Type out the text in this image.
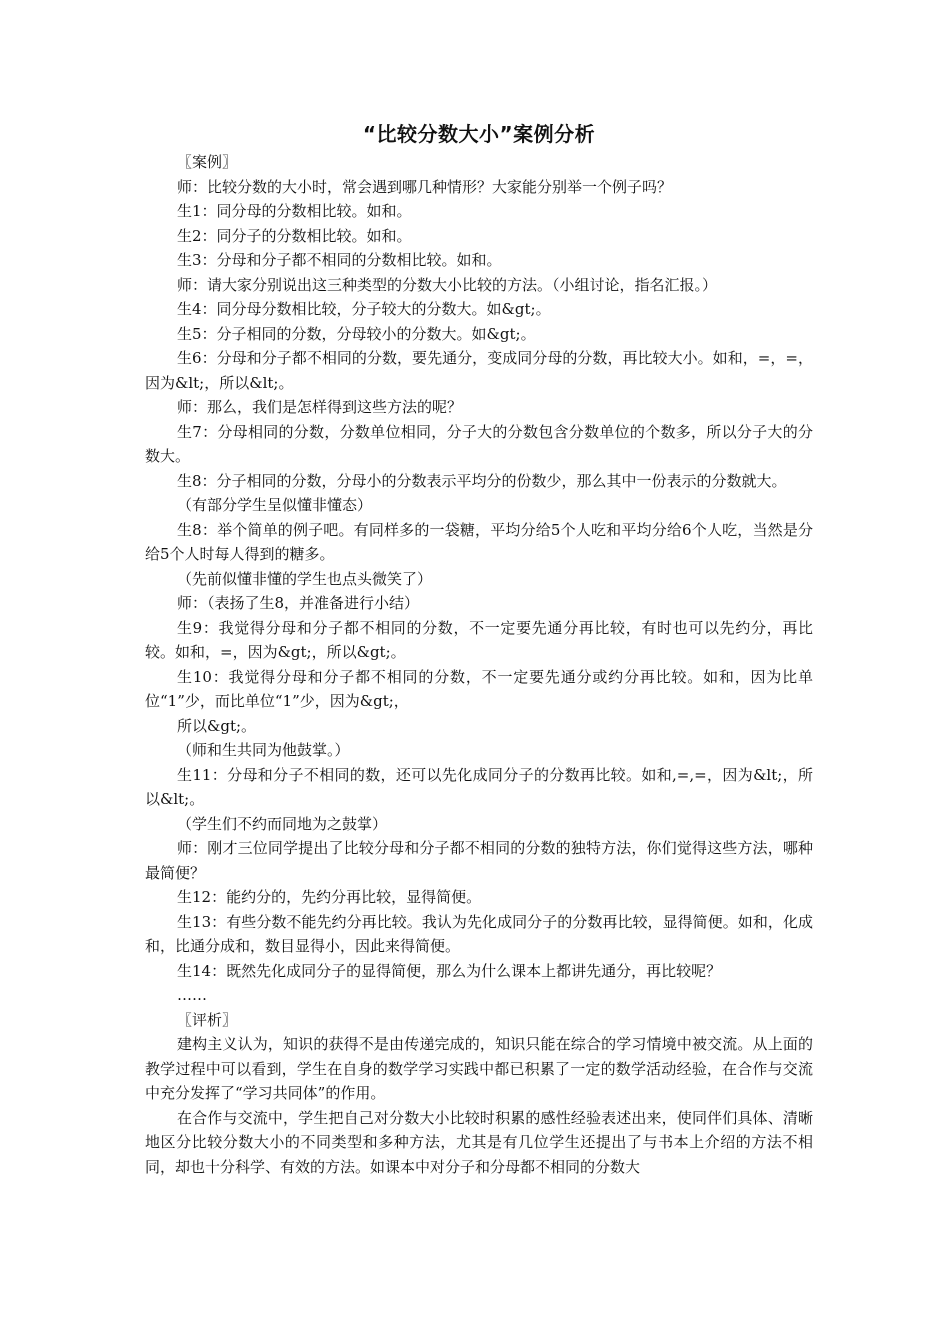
“比较分数大小”案例分析

〖案例〗

师：比较分数的大小时，常会遇到哪几种情形？大家能分别举一个例子吗？

生1：同分母的分数相比较。如和。

生2：同分子的分数相比较。如和。

生3：分母和分子都不相同的分数相比较。如和。

师：请大家分别说出这三种类型的分数大小比较的方法。（小组讨论，指名汇报。）

生4：同分母分数相比较，分子较大的分数大。如&gt;。

生5：分子相同的分数，分母较小的分数大。如&gt;。

生6：分母和分子都不相同的分数，要先通分，变成同分母的分数，再比较大小。如和，=，=，因为&lt;，所以&lt;。

师：那么，我们是怎样得到这些方法的呢？

生7：分母相同的分数，分数单位相同，分子大的分数包含分数单位的个数多，所以分子大的分数大。

生8：分子相同的分数，分母小的分数表示平均分的份数少，那么其中一份表示的分数就大。

（有部分学生呈似懂非懂态）

生8：举个简单的例子吧。有同样多的一袋糖，平均分给5个人吃和平均分给6个人吃，当然是分给5个人时每人得到的糖多。

（先前似懂非懂的学生也点头微笑了）

师：（表扬了生8，并准备进行小结）

生9：我觉得分母和分子都不相同的分数，不一定要先通分再比较，有时也可以先约分，再比较。如和，=，因为&gt;，所以&gt;。

生10：我觉得分母和分子都不相同的分数，不一定要先通分或约分再比较。如和，因为比单位“1”少，而比单位“1”少，因为&gt;，

所以&gt;。

（师和生共同为他鼓掌。）

生11：分母和分子不相同的数，还可以先化成同分子的分数再比较。如和,=,=，因为&lt;，所以&lt;。

（学生们不约而同地为之鼓掌）

师：刚才三位同学提出了比较分母和分子都不相同的分数的独特方法，你们觉得这些方法，哪种最简便？

生12：能约分的，先约分再比较，显得简便。

生13：有些分数不能先约分再比较。我认为先化成同分子的分数再比较，显得简便。如和，化成和，比通分成和，数目显得小，因此来得简便。

生14：既然先化成同分子的显得简便，那么为什么课本上都讲先通分，再比较呢？

……

〖评析〗

建构主义认为，知识的获得不是由传递完成的，知识只能在综合的学习情境中被交流。从上面的教学过程中可以看到，学生在自身的数学学习实践中都已积累了一定的数学活动经验，在合作与交流中充分发挥了“学习共同体”的作用。

在合作与交流中，学生把自己对分数大小比较时积累的感性经验表述出来，使同伴们具体、清晰地区分比较分数大小的不同类型和多种方法，尤其是有几位学生还提出了与书本上介绍的方法不相同，却也十分科学、有效的方法。如课本中对分子和分母都不相同的分数大
